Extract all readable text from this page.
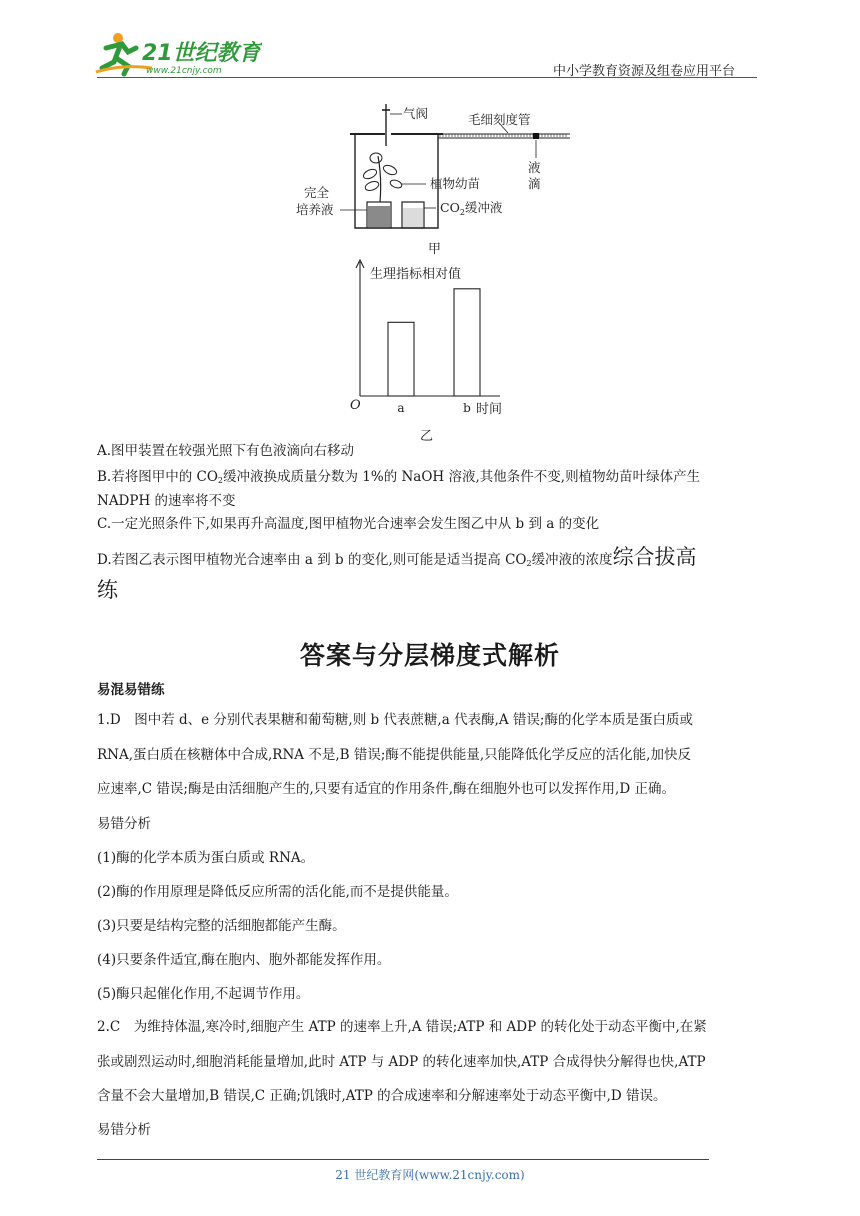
21世纪教育
www.21cnjy.com	中小学教育资源及组卷应用平台
气阀	毛细刻度管
液
滴
植物幼苗
完全
培养液	$CO_2$缓冲液
甲
生理指标相对值
a	b
O	时间
乙
A.图甲装置在较强光照下有色液滴向右移动
B.若将图甲中的 $CO_2$缓冲液换成质量分数为 1%的 NaOH 溶液,其他条件不变,则植物幼苗叶绿体产生
NADPH 的速率将不变
C.一定光照条件下,如果再升高温度,图甲植物光合速率会发生图乙中从 b 到 a 的变化
D.若图乙表示图甲植物光合速率由 a 到 b 的变化,则可能是适当提高 $CO_2$缓冲液的浓度综合拔高
练
答案与分层梯度式解析
易混易错练
1.D　图中若 d、e 分别代表果糖和葡萄糖,则 b 代表蔗糖,a 代表酶,A 错误;酶的化学本质是蛋白质或
RNA,蛋白质在核糖体中合成,RNA 不是,B 错误;酶不能提供能量,只能降低化学反应的活化能,加快反
应速率,C 错误;酶是由活细胞产生的,只要有适宜的作用条件,酶在细胞外也可以发挥作用,D 正确。
易错分析
(1)酶的化学本质为蛋白质或 RNA。
(2)酶的作用原理是降低反应所需的活化能,而不是提供能量。
(3)只要是结构完整的活细胞都能产生酶。
(4)只要条件适宜,酶在胞内、胞外都能发挥作用。
(5)酶只起催化作用,不起调节作用。
2.C　为维持体温,寒冷时,细胞产生 ATP 的速率上升,A 错误;ATP 和 ADP 的转化处于动态平衡中,在紧
张或剧烈运动时,细胞消耗能量增加,此时 ATP 与 ADP 的转化速率加快,ATP 合成得快分解得也快,ATP
含量不会大量增加,B 错误,C 正确;饥饿时,ATP 的合成速率和分解速率处于动态平衡中,D 错误。
易错分析
21 世纪教育网(www.21cnjy.com)
